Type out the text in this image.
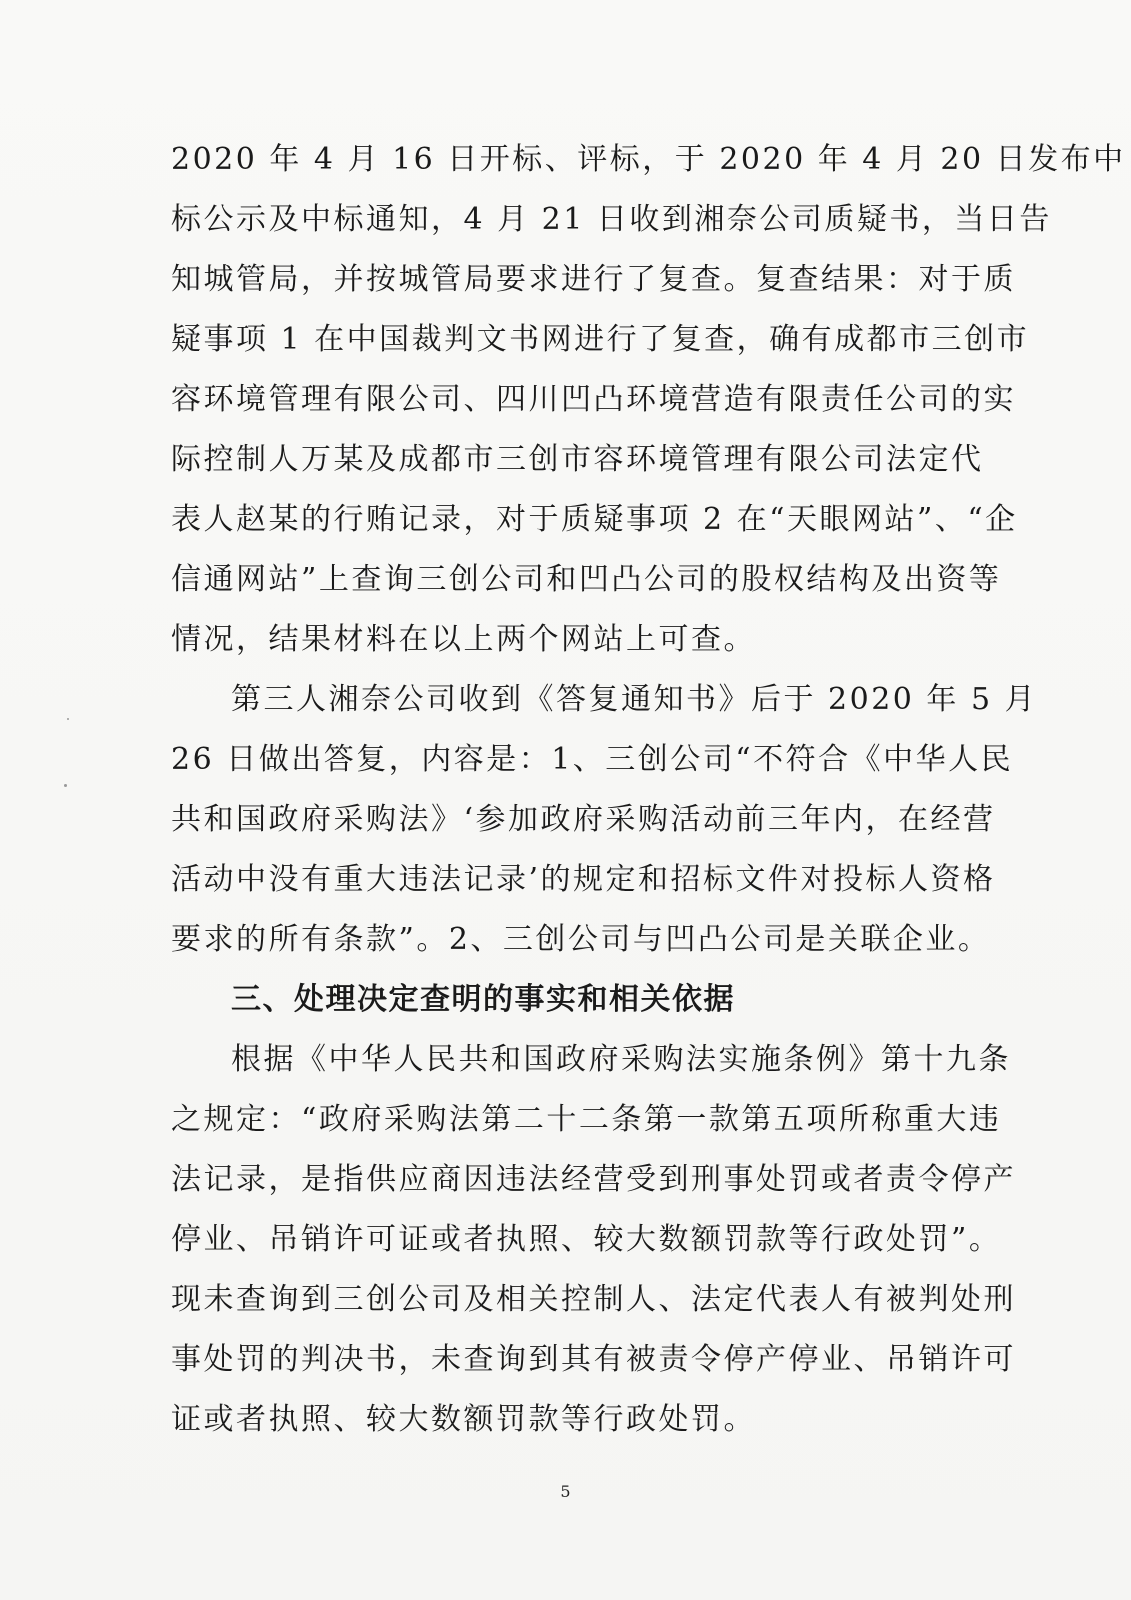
2020 年 4 月 16 日开标、评标，于 2020 年 4 月 20 日发布中
标公示及中标通知，4 月 21 日收到湘奈公司质疑书，当日告
知城管局，并按城管局要求进行了复查。复查结果：对于质
疑事项 1 在中国裁判文书网进行了复查，确有成都市三创市
容环境管理有限公司、四川凹凸环境营造有限责任公司的实
际控制人万某及成都市三创市容环境管理有限公司法定代
表人赵某的行贿记录，对于质疑事项 2 在“天眼网站”、“企
信通网站”上查询三创公司和凹凸公司的股权结构及出资等
情况，结果材料在以上两个网站上可查。
第三人湘奈公司收到《答复通知书》后于 2020 年 5 月
26 日做出答复，内容是：1、三创公司“不符合《中华人民
共和国政府采购法》‘参加政府采购活动前三年内，在经营
活动中没有重大违法记录’的规定和招标文件对投标人资格
要求的所有条款”。2、三创公司与凹凸公司是关联企业。
三、处理决定查明的事实和相关依据
根据《中华人民共和国政府采购法实施条例》第十九条
之规定：“政府采购法第二十二条第一款第五项所称重大违
法记录，是指供应商因违法经营受到刑事处罚或者责令停产
停业、吊销许可证或者执照、较大数额罚款等行政处罚”。
现未查询到三创公司及相关控制人、法定代表人有被判处刑
事处罚的判决书，未查询到其有被责令停产停业、吊销许可
证或者执照、较大数额罚款等行政处罚。
5
